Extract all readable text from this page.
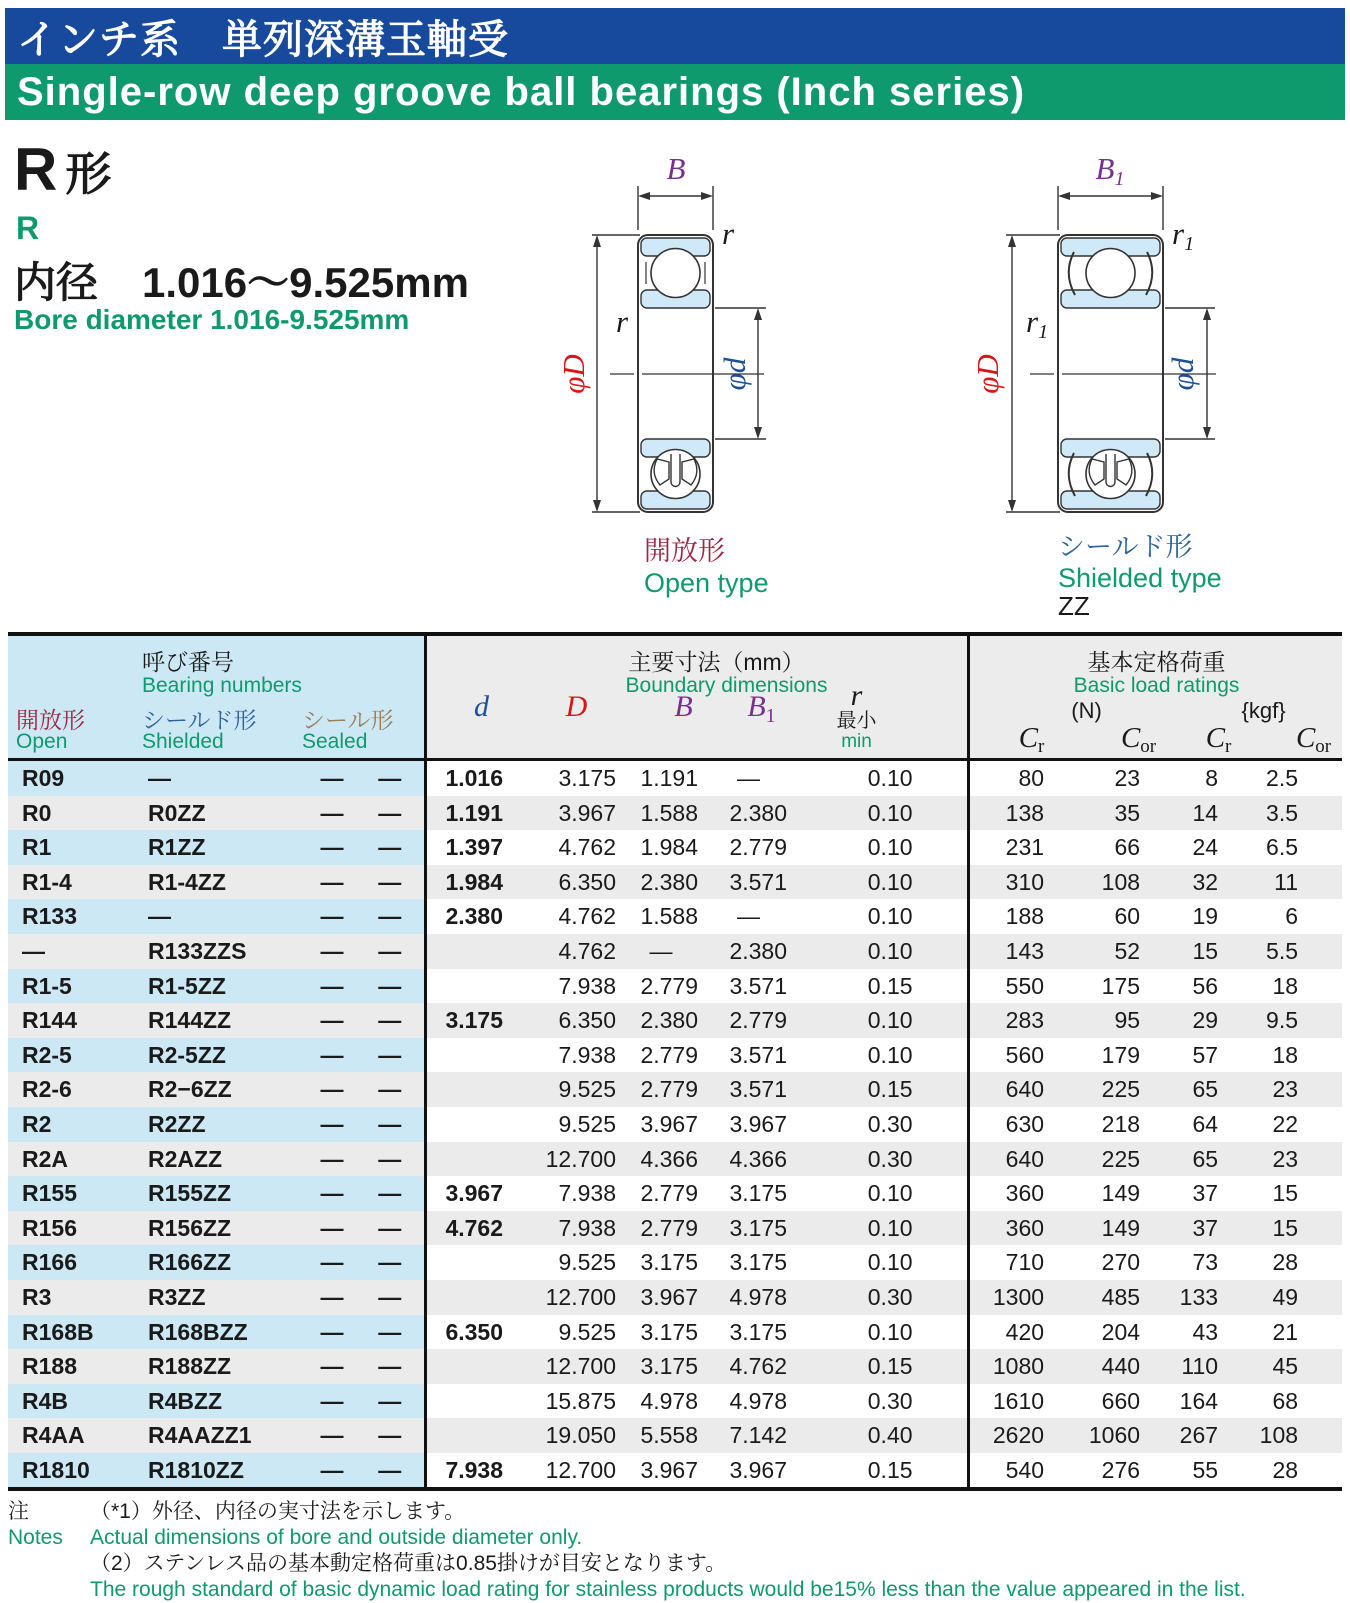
インチ系　単列深溝玉軸受
Single-row deep groove ball bearings (Inch series)
R 形
R
内径 1.016〜9.525mm
Bore diameter 1.016-9.525mm
B
φD	φd
r
r
開放形
Open type
B1
φD	φd
r1
r1
シールド形
Shielded type
ZZ
呼び番号
Bearing numbers
開放形
Open
シールド形
Shielded
シール形
Sealed

主要寸法（mm）
Boundary dimensions
d	D	B	$B_1$
r
最小
min

基本定格荷重
Basic load ratings
(N)	{kgf}
$C_r$	$C_{or}$	$C_r$	$C_{or}$

R09	—	—	—	1.016	3.175	1.191	—	0.10	80	23	8	2.5
R0	R0ZZ	—	—	1.191	3.967	1.588	2.380	0.10	138	35	14	3.5
R1	R1ZZ	—	—	1.397	4.762	1.984	2.779	0.10	231	66	24	6.5
R1-4	R1-4ZZ	—	—	1.984	6.350	2.380	3.571	0.10	310	108	32	11
R133	—	—	—	2.380	4.762	1.588	—	0.10	188	60	19	6
—	R133ZZS	—	—		4.762	—	2.380	0.10	143	52	15	5.5
R1-5	R1-5ZZ	—	—		7.938	2.779	3.571	0.15	550	175	56	18
R144	R144ZZ	—	—	3.175	6.350	2.380	2.779	0.10	283	95	29	9.5
R2-5	R2-5ZZ	—	—		7.938	2.779	3.571	0.10	560	179	57	18
R2-6	R2−6ZZ	—	—		9.525	2.779	3.571	0.15	640	225	65	23
R2	R2ZZ	—	—		9.525	3.967	3.967	0.30	630	218	64	22
R2A	R2AZZ	—	—		12.700	4.366	4.366	0.30	640	225	65	23
R155	R155ZZ	—	—	3.967	7.938	2.779	3.175	0.10	360	149	37	15
R156	R156ZZ	—	—	4.762	7.938	2.779	3.175	0.10	360	149	37	15
R166	R166ZZ	—	—		9.525	3.175	3.175	0.10	710	270	73	28
R3	R3ZZ	—	—		12.700	3.967	4.978	0.30	1300	485	133	49
R168B	R168BZZ	—	—	6.350	9.525	3.175	3.175	0.10	420	204	43	21
R188	R188ZZ	—	—		12.700	3.175	4.762	0.15	1080	440	110	45
R4B	R4BZZ	—	—		15.875	4.978	4.978	0.30	1610	660	164	68
R4AA	R4AAZZ1	—	—		19.050	5.558	7.142	0.40	2620	1060	267	108
R1810	R1810ZZ	—	—	7.938	12.700	3.967	3.967	0.15	540	276	55	28
注	（*1）外径、内径の実寸法を示します。
Notes	Actual dimensions of bore and outside diameter only.
（2）ステンレス品の基本動定格荷重は0.85掛けが目安となります。
The rough standard of basic dynamic load rating for stainless products would be15% less than the value appeared in the list.
